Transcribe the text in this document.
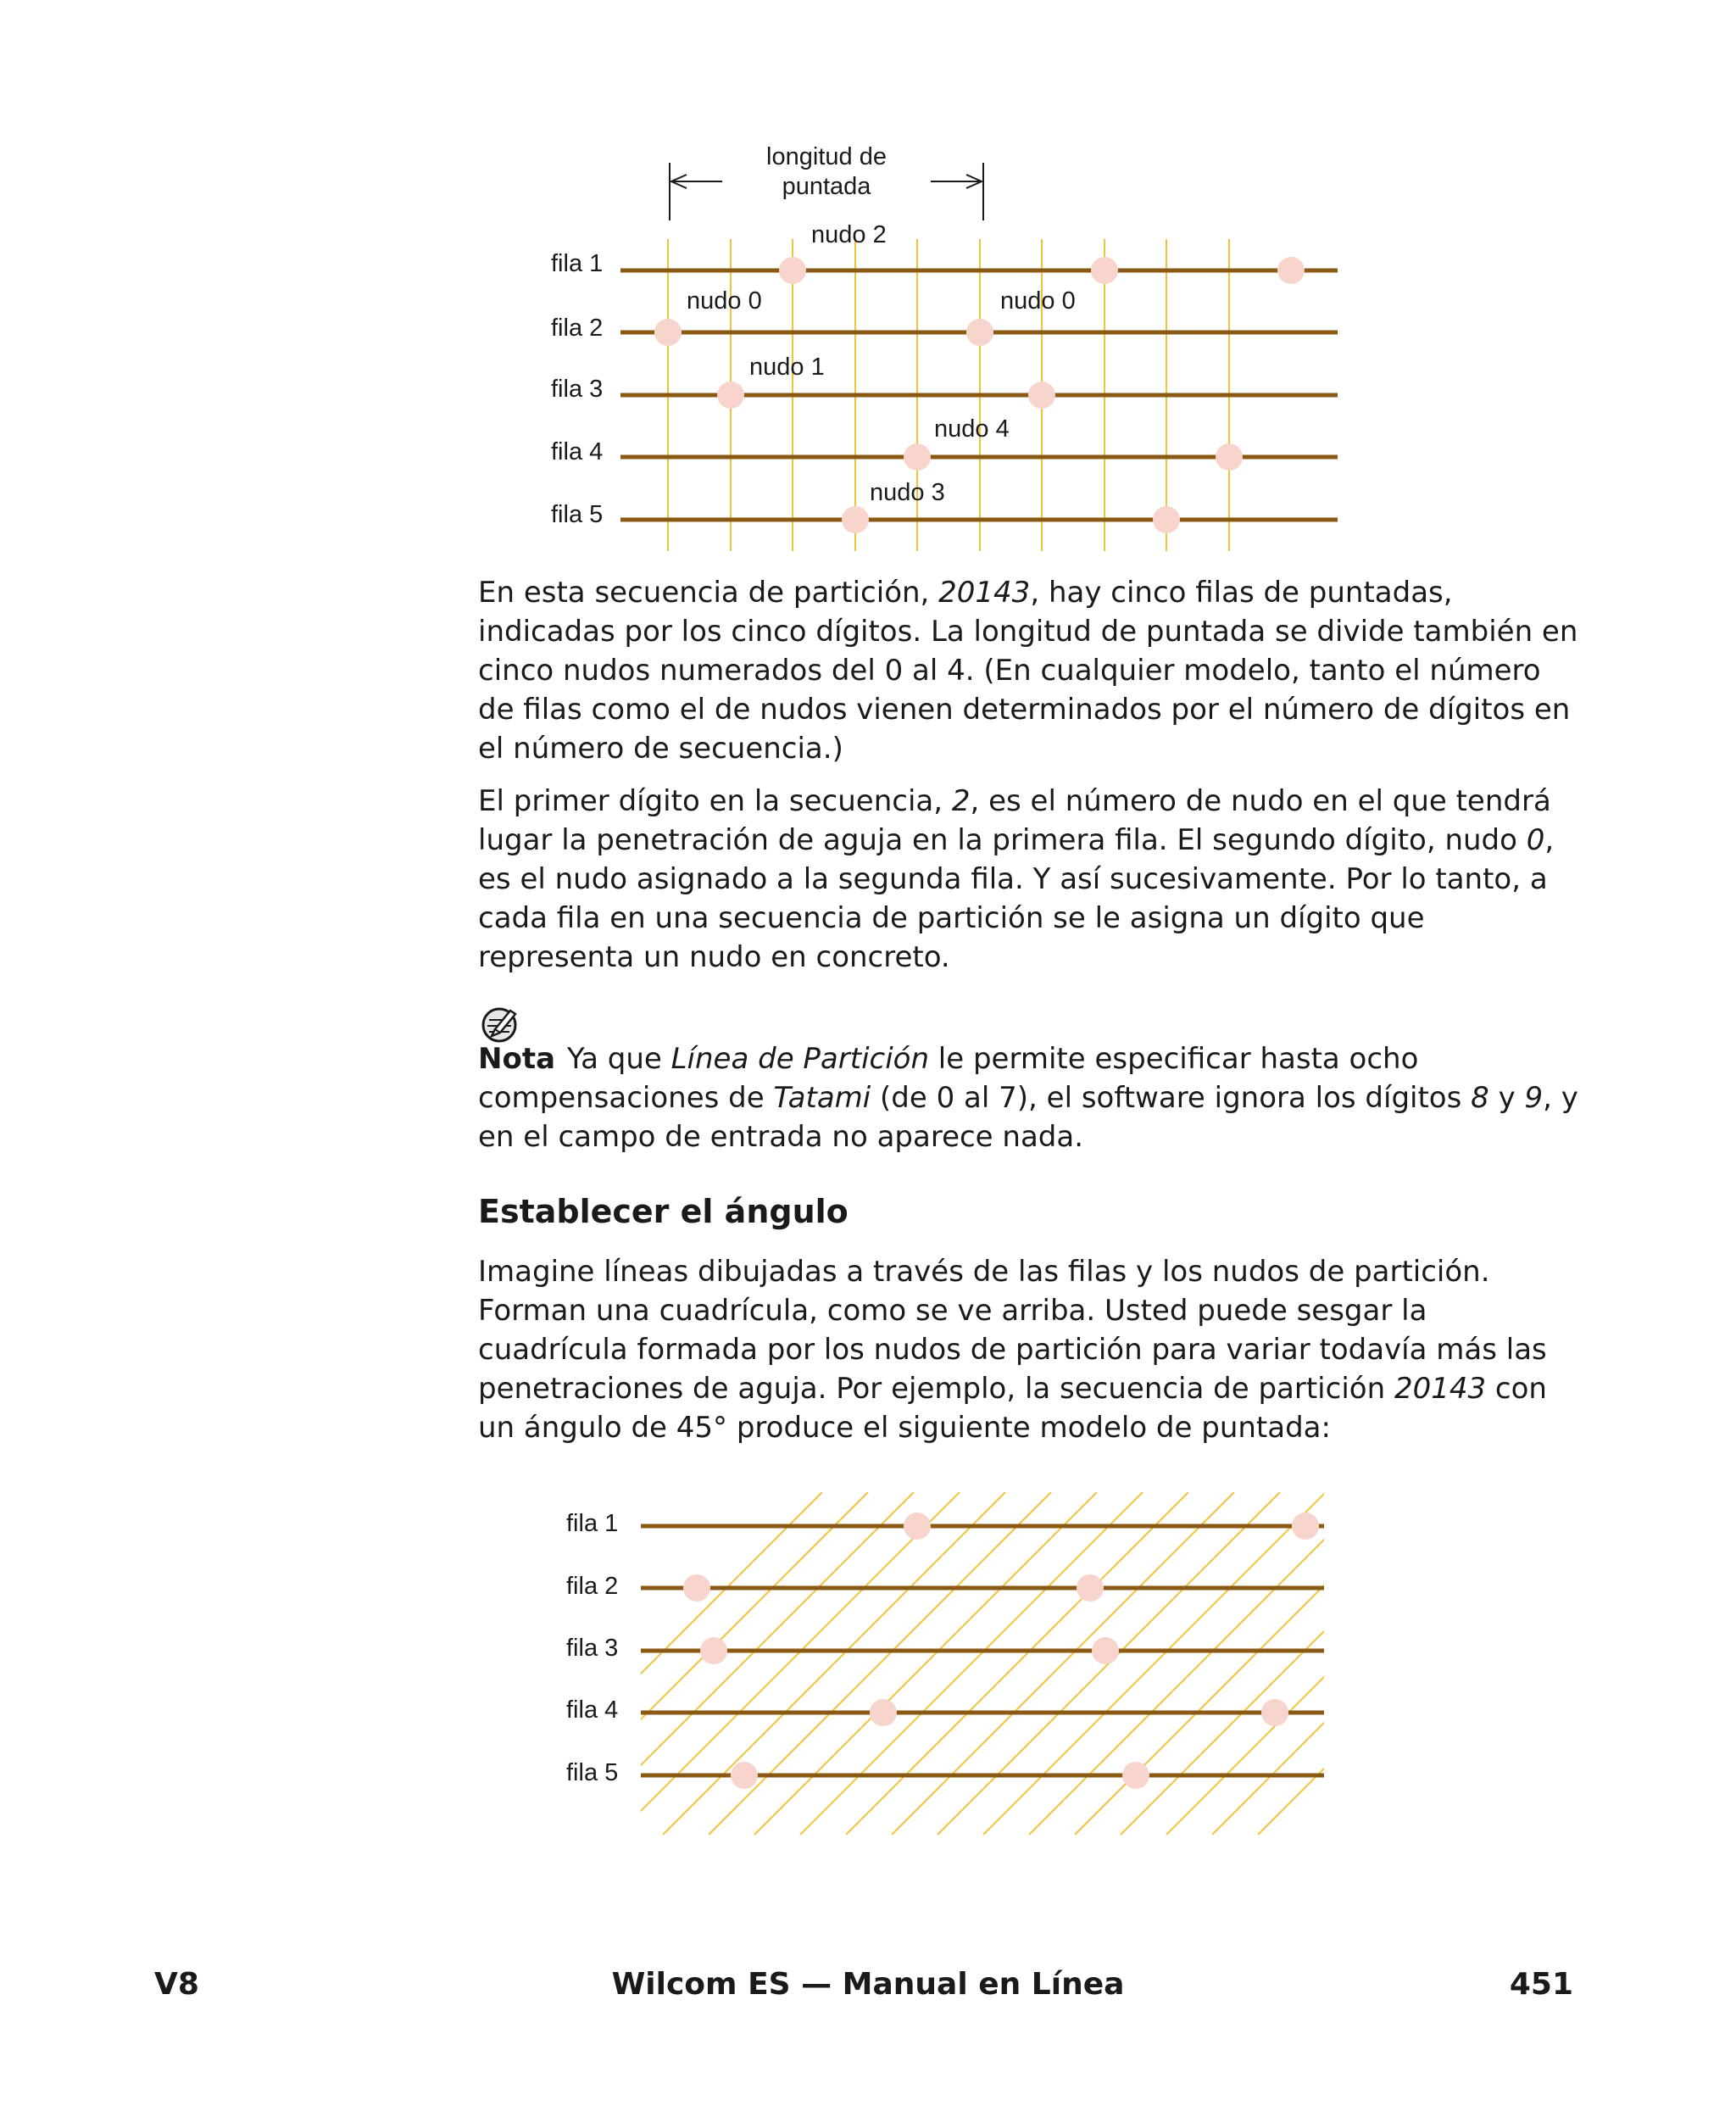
longitud de
puntada
fila 1
fila 2
fila 3
fila 4
fila 5
nudo 2
nudo 0	nudo 0
nudo 1
nudo 4
nudo 3

En esta secuencia de partición, 20143, hay cinco filas de puntadas, indicadas por los cinco dígitos. La longitud de puntada se divide también en cinco nudos numerados del 0 al 4. (En cualquier modelo, tanto el número de filas como el de nudos vienen determinados por el número de dígitos en el número de secuencia.)

El primer dígito en la secuencia, 2, es el número de nudo en el que tendrá lugar la penetración de aguja en la primera fila. El segundo dígito, nudo 0, es el nudo asignado a la segunda fila. Y así sucesivamente. Por lo tanto, a cada fila en una secuencia de partición se le asigna un dígito que representa un nudo en concreto.

Nota Ya que Línea de Partición le permite especificar hasta ocho compensaciones de Tatami (de 0 al 7), el software ignora los dígitos 8 y 9, y en el campo de entrada no aparece nada.

Establecer el ángulo

Imagine líneas dibujadas a través de las filas y los nudos de partición. Forman una cuadrícula, como se ve arriba. Usted puede sesgar la cuadrícula formada por los nudos de partición para variar todavía más las penetraciones de aguja. Por ejemplo, la secuencia de partición 20143 con un ángulo de 45° produce el siguiente modelo de puntada:

fila 1
fila 2
fila 3
fila 4
fila 5
Wilcom ES — Manual en Línea
V8	451
